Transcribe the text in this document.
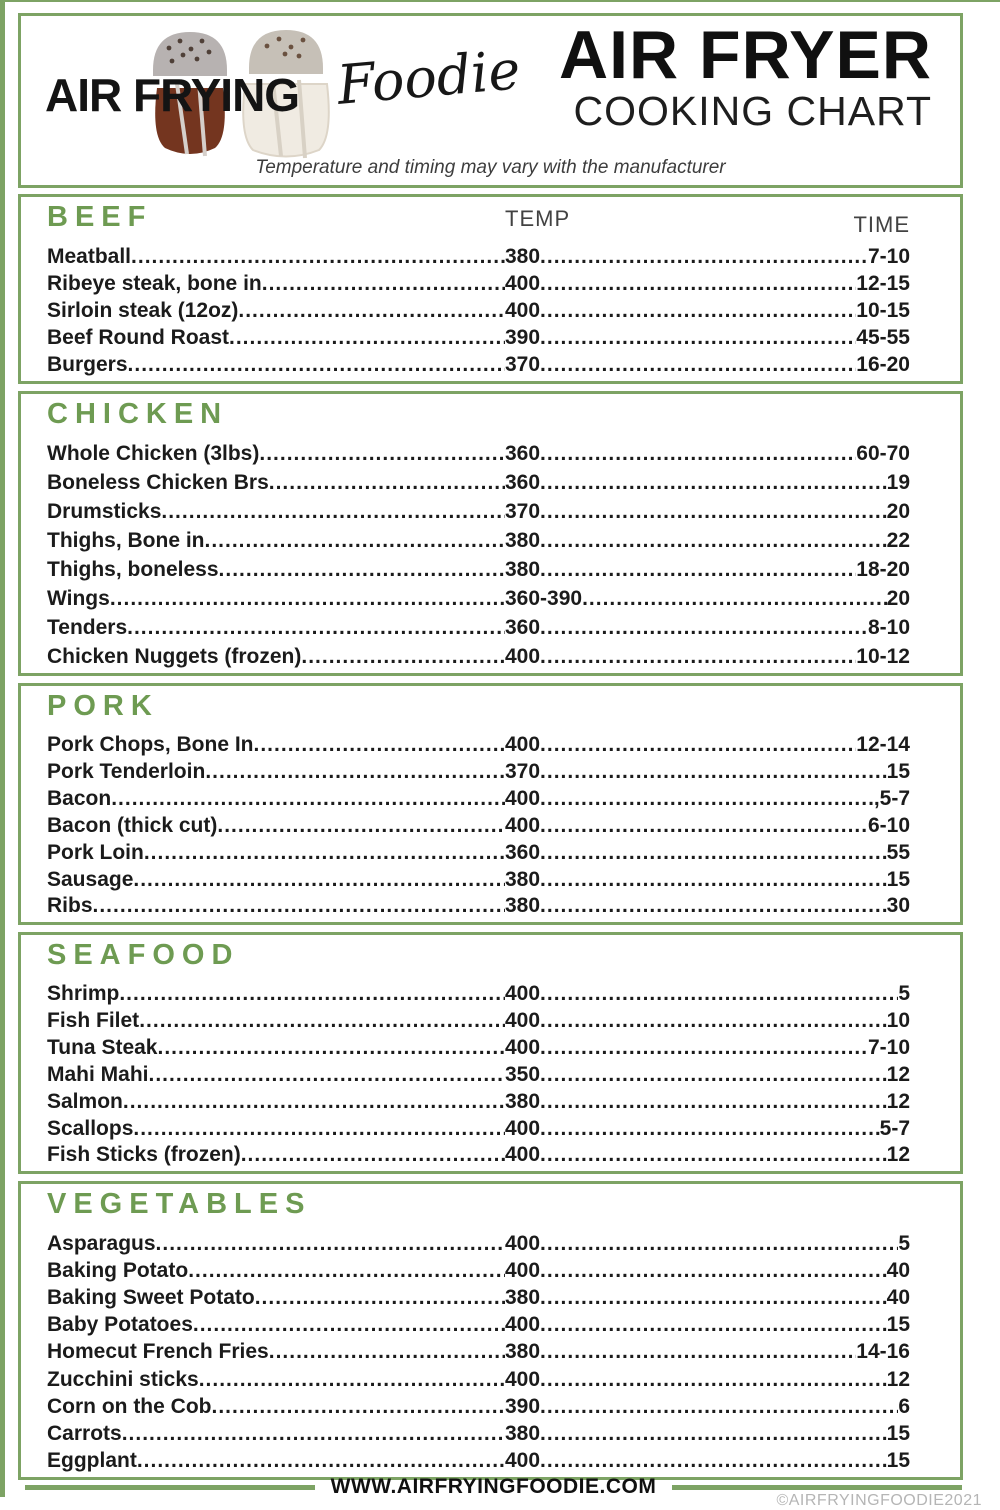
AIR FRYING Foodie AIR FRYER
COOKING CHART
Temperature and timing may vary with the manufacturer
BEEF	TEMP	TIME
Meatball .....	380 .....	7-10
Ribeye steak, bone in .....	400 .....	12-15
Sirloin steak (12oz) .....	400 .....	10-15
Beef Round Roast .....	390 .....	45-55
Burgers .....	370 .....	16-20
CHICKEN
Whole Chicken (3lbs) .....	360 .....	60-70
Boneless Chicken Brs .....	360 .....	19
Drumsticks .....	370 .....	20
Thighs, Bone in .....	380 .....	22
Thighs, boneless .....	380 .....	18-20
Wings .....	360-390 .....	20
Tenders .....	360 .....	8-10
Chicken Nuggets (frozen) .....	400 .....	10-12
PORK
Pork Chops, Bone In .....	400 .....	12-14
Pork Tenderloin .....	370 .....	15
Bacon .....	400 .....	,5-7
Bacon (thick cut) .....	400 .....	6-10
Pork Loin .....	360 .....	55
Sausage .....	380 .....	15
Ribs .....	380 .....	30
SEAFOOD
Shrimp .....	400 .....	5
Fish Filet .....	400 .....	10
Tuna Steak .....	400 .....	7-10
Mahi Mahi .....	350 .....	12
Salmon .....	380 .....	12
Scallops .....	400 .....	5-7
Fish Sticks (frozen) .....	400 .....	12
VEGETABLES
Asparagus .....	400 .....	5
Baking Potato .....	400 .....	40
Baking Sweet Potato .....	380 .....	40
Baby Potatoes .....	400 .....	15
Homecut French Fries .....	380 .....	14-16
Zucchini sticks .....	400 .....	12
Corn on the Cob .....	390 .....	6
Carrots .....	380 .....	15
Eggplant .....	400 .....	15
WWW.AIRFRYINGFOODIE.COM
©AIRFRYINGFOODIE2021
